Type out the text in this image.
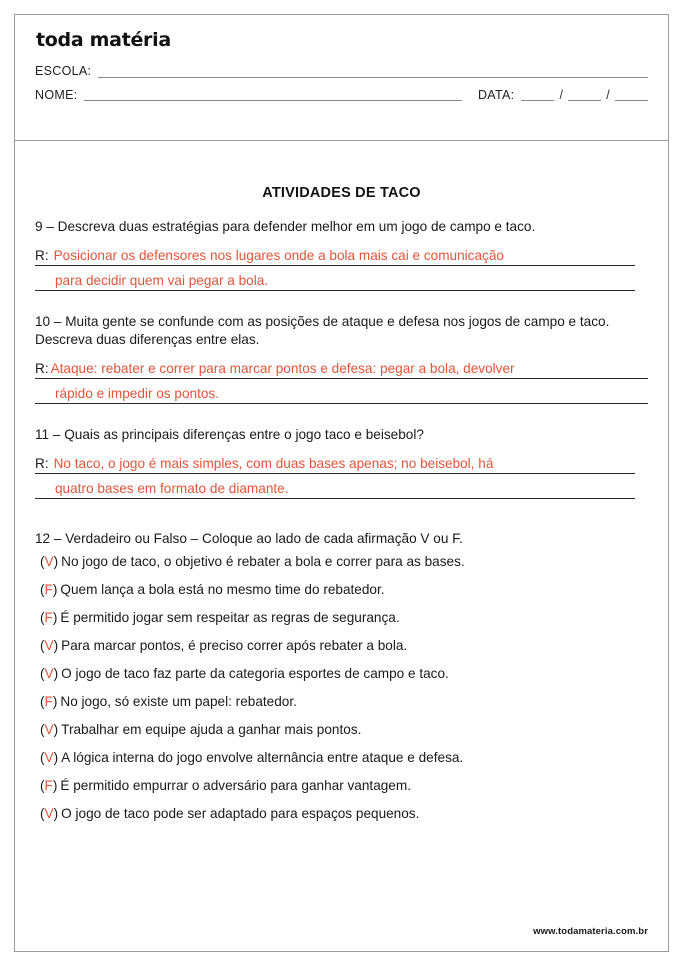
toda matéria
ESCOLA:
NOME:	DATA:	/	/
ATIVIDADES DE TACO

9 – Descreva duas estratégias para defender melhor em um jogo de campo e taco.

R: Posicionar os defensores nos lugares onde a bola mais cai e comunicação
para decidir quem vai pegar a bola.

10 – Muita gente se confunde com as posições de ataque e defesa nos jogos de campo e taco. Descreva duas diferenças entre elas.

R: Ataque: rebater e correr para marcar pontos e defesa: pegar a bola, devolver
rápido e impedir os pontos.

11 – Quais as principais diferenças entre o jogo taco e beisebol?

R: No taco, o jogo é mais simples, com duas bases apenas; no beisebol, há
quatro bases em formato de diamante.

12 – Verdadeiro ou Falso – Coloque ao lado de cada afirmação V ou F.

(V) No jogo de taco, o objetivo é rebater a bola e correr para as bases.
(F) Quem lança a bola está no mesmo time do rebatedor.
(F) É permitido jogar sem respeitar as regras de segurança.
(V) Para marcar pontos, é preciso correr após rebater a bola.
(V) O jogo de taco faz parte da categoria esportes de campo e taco.
(F) No jogo, só existe um papel: rebatedor.
(V) Trabalhar em equipe ajuda a ganhar mais pontos.
(V) A lógica interna do jogo envolve alternância entre ataque e defesa.
(F) É permitido empurrar o adversário para ganhar vantagem.
(V) O jogo de taco pode ser adaptado para espaços pequenos.
www.todamateria.com.br
